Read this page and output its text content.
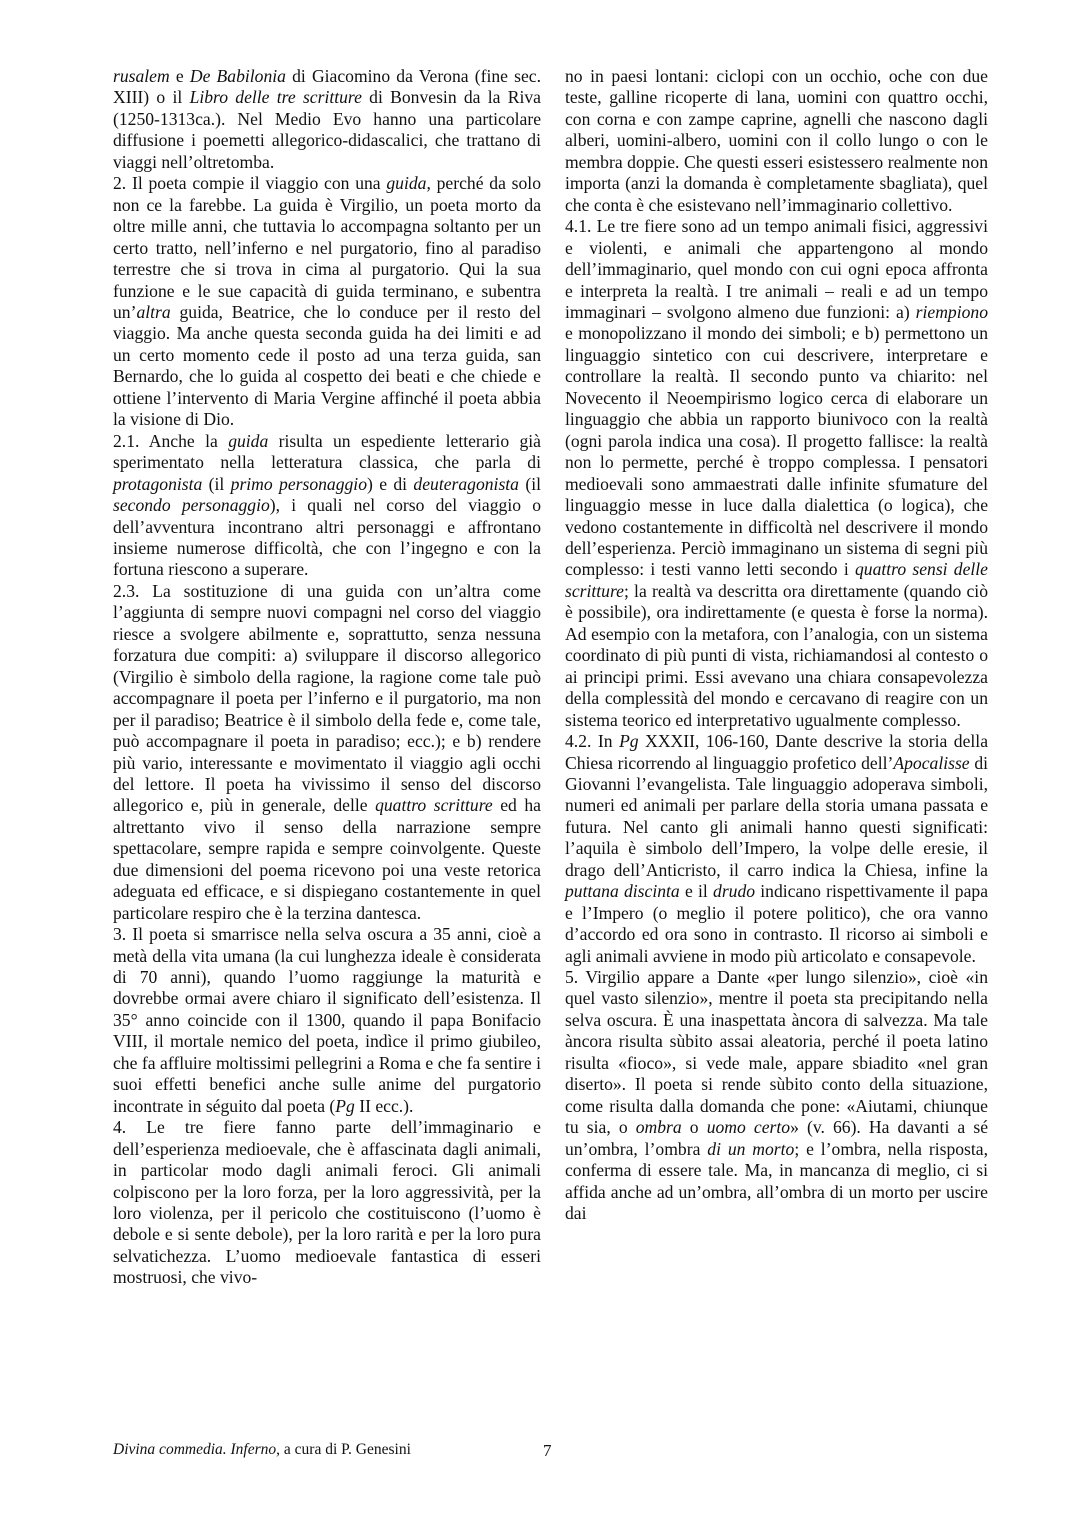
rusalem e De Babilonia di Giacomino da Verona (fine sec. XIII) o il Libro delle tre scritture di Bonvesin da la Riva (1250-1313ca.). Nel Medio Evo hanno una particolare diffusione i poemetti allegorico-didascalici, che trattano di viaggi nell’oltretomba.

2. Il poeta compie il viaggio con una guida, perché da solo non ce la farebbe. La guida è Virgilio, un poeta morto da oltre mille anni, che tuttavia lo accompagna soltanto per un certo tratto, nell’inferno e nel purgatorio, fino al paradiso terrestre che si trova in cima al purgatorio. Qui la sua funzione e le sue capacità di guida terminano, e subentra un’altra guida, Beatrice, che lo conduce per il resto del viaggio. Ma anche questa seconda guida ha dei limiti e ad un certo momento cede il posto ad una terza guida, san Bernardo, che lo guida al cospetto dei beati e che chiede e ottiene l’intervento di Maria Vergine affinché il poeta abbia la visione di Dio.

2.1. Anche la guida risulta un espediente letterario già sperimentato nella letteratura classica, che parla di protagonista (il primo personaggio) e di deuteragonista (il secondo personaggio), i quali nel corso del viaggio o dell’avventura incontrano altri personaggi e affrontano insieme numerose difficoltà, che con l’ingegno e con la fortuna riescono a superare.

2.3. La sostituzione di una guida con un’altra come l’aggiunta di sempre nuovi compagni nel corso del viaggio riesce a svolgere abilmente e, soprattutto, senza nessuna forzatura due compiti: a) sviluppare il discorso allegorico (Virgilio è simbolo della ragione, la ragione come tale può accompagnare il poeta per l’inferno e il purgatorio, ma non per il paradiso; Beatrice è il simbolo della fede e, come tale, può accompagnare il poeta in paradiso; ecc.); e b) rendere più vario, interessante e movimentato il viaggio agli occhi del lettore. Il poeta ha vivissimo il senso del discorso allegorico e, più in generale, delle quattro scritture ed ha altrettanto vivo il senso della narrazione sempre spettacolare, sempre rapida e sempre coinvolgente. Queste due dimensioni del poema ricevono poi una veste retorica adeguata ed efficace, e si dispiegano costantemente in quel particolare respiro che è la terzina dantesca.

3. Il poeta si smarrisce nella selva oscura a 35 anni, cioè a metà della vita umana (la cui lunghezza ideale è considerata di 70 anni), quando l’uomo raggiunge la maturità e dovrebbe ormai avere chiaro il significato dell’esistenza. Il 35° anno coincide con il 1300, quando il papa Bonifacio VIII, il mortale nemico del poeta, indìce il primo giubileo, che fa affluire moltissimi pellegrini a Roma e che fa sentire i suoi effetti benefici anche sulle anime del purgatorio incontrate in séguito dal poeta (Pg II ecc.).

4. Le tre fiere fanno parte dell’immaginario e dell’esperienza medioevale, che è affascinata dagli animali, in particolar modo dagli animali feroci. Gli animali colpiscono per la loro forza, per la loro aggressività, per la loro violenza, per il pericolo che costituiscono (l’uomo è debole e si sente debole), per la loro rarità e per la loro pura selvatichezza. L’uomo medioevale fantastica di esseri mostruosi, che vivo-

no in paesi lontani: ciclopi con un occhio, oche con due teste, galline ricoperte di lana, uomini con quattro occhi, con corna e con zampe caprine, agnelli che nascono dagli alberi, uomini-albero, uomini con il collo lungo o con le membra doppie. Che questi esseri esistessero realmente non importa (anzi la domanda è completamente sbagliata), quel che conta è che esistevano nell’immaginario collettivo.

4.1. Le tre fiere sono ad un tempo animali fisici, aggressivi e violenti, e animali che appartengono al mondo dell’immaginario, quel mondo con cui ogni epoca affronta e interpreta la realtà. I tre animali – reali e ad un tempo immaginari – svolgono almeno due funzioni: a) riempiono e monopolizzano il mondo dei simboli; e b) permettono un linguaggio sintetico con cui descrivere, interpretare e controllare la realtà. Il secondo punto va chiarito: nel Novecento il Neoempirismo logico cerca di elaborare un linguaggio che abbia un rapporto biunivoco con la realtà (ogni parola indica una cosa). Il progetto fallisce: la realtà non lo permette, perché è troppo complessa. I pensatori medioevali sono ammaestrati dalle infinite sfumature del linguaggio messe in luce dalla dialettica (o logica), che vedono costantemente in difficoltà nel descrivere il mondo dell’esperienza. Perciò immaginano un sistema di segni più complesso: i testi vanno letti secondo i quattro sensi delle scritture; la realtà va descritta ora direttamente (quando ciò è possibile), ora indirettamente (e questa è forse la norma). Ad esempio con la metafora, con l’analogia, con un sistema coordinato di più punti di vista, richiamandosi al contesto o ai principi primi. Essi avevano una chiara consapevolezza della complessità del mondo e cercavano di reagire con un sistema teorico ed interpretativo ugualmente complesso.

4.2. In Pg XXXII, 106-160, Dante descrive la storia della Chiesa ricorrendo al linguaggio profetico dell’Apocalisse di Giovanni l’evangelista. Tale linguaggio adoperava simboli, numeri ed animali per parlare della storia umana passata e futura. Nel canto gli animali hanno questi significati: l’aquila è simbolo dell’Impero, la volpe delle eresie, il drago dell’Anticristo, il carro indica la Chiesa, infine la puttana discinta e il drudo indicano rispettivamente il papa e l’Impero (o meglio il potere politico), che ora vanno d’accordo ed ora sono in contrasto. Il ricorso ai simboli e agli animali avviene in modo più articolato e consapevole.

5. Virgilio appare a Dante «per lungo silenzio», cioè «in quel vasto silenzio», mentre il poeta sta precipitando nella selva oscura. È una inaspettata àncora di salvezza. Ma tale àncora risulta sùbito assai aleatoria, perché il poeta latino risulta «fioco», si vede male, appare sbiadito «nel gran diserto». Il poeta si rende sùbito conto della situazione, come risulta dalla domanda che pone: «Aiutami, chiunque tu sia, o ombra o uomo certo» (v. 66). Ha davanti a sé un’ombra, l’ombra di un morto; e l’ombra, nella risposta, conferma di essere tale. Ma, in mancanza di meglio, ci si affida anche ad un’ombra, all’ombra di un morto per uscire dai

Divina commedia. Inferno, a cura di P. Genesini	7
